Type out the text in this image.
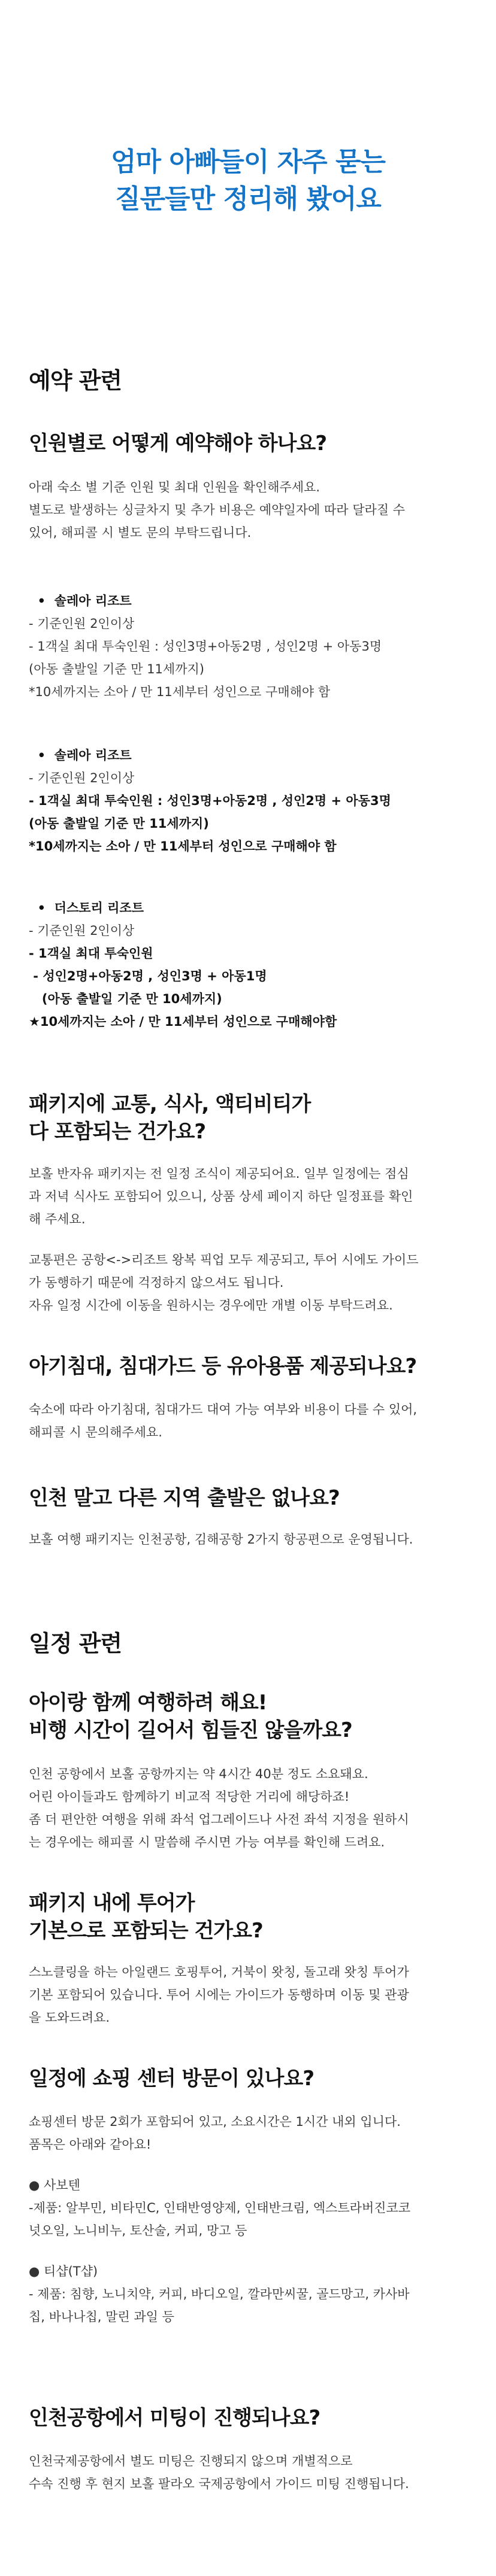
엄마 아빠들이 자주 묻는
질문들만 정리해 봤어요
예약 관련
인원별로 어떻게 예약해야 하나요?
아래 숙소 별 기준 인원 및 최대 인원을 확인해주세요.
별도로 발생하는 싱글차지 및 추가 비용은 예약일자에 따라 달라질 수
있어, 해피콜 시 별도 문의 부탁드립니다.
•  솔레아 리조트
- 기준인원 2인이상
- 1객실 최대 투숙인원 : 성인3명+아동2명 , 성인2명 + 아동3명
(아동 출발일 기준 만 11세까지)
*10세까지는 소아 / 만 11세부터 성인으로 구매해야 함
•  솔레아 리조트
- 기준인원 2인이상
- 1객실 최대 투숙인원 : 성인3명+아동2명 , 성인2명 + 아동3명
(아동 출발일 기준 만 11세까지)
*10세까지는 소아 / 만 11세부터 성인으로 구매해야 함
•  더스토리 리조트
- 기준인원 2인이상
- 1객실 최대 투숙인원
- 성인2명+아동2명 , 성인3명 + 아동1명
(아동 출발일 기준 만 10세까지)
★10세까지는 소아 / 만 11세부터 성인으로 구매해야함
패키지에 교통, 식사, 액티비티가
다 포함되는 건가요?
보홀 반자유 패키지는 전 일정 조식이 제공되어요. 일부 일정에는 점심
과 저녁 식사도 포함되어 있으니, 상품 상세 페이지 하단 일정표를 확인
해 주세요.
교통편은 공항<->리조트 왕복 픽업 모두 제공되고, 투어 시에도 가이드
가 동행하기 때문에 걱정하지 않으셔도 됩니다.
자유 일정 시간에 이동을 원하시는 경우에만 개별 이동 부탁드려요.
아기침대, 침대가드 등 유아용품 제공되나요?
숙소에 따라 아기침대, 침대가드 대여 가능 여부와 비용이 다를 수 있어,
해피콜 시 문의해주세요.
인천 말고 다른 지역 출발은 없나요?
보홀 여행 패키지는 인천공항, 김해공항 2가지 항공편으로 운영됩니다.
일정 관련
아이랑 함께 여행하려 해요!
비행 시간이 길어서 힘들진 않을까요?
인천 공항에서 보홀 공항까지는 약 4시간 40분 정도 소요돼요.
어린 아이들과도 함께하기 비교적 적당한 거리에 해당하죠!
좀 더 편안한 여행을 위해 좌석 업그레이드나 사전 좌석 지정을 원하시
는 경우에는 해피콜 시 말씀해 주시면 가능 여부를 확인해 드려요.
패키지 내에 투어가
기본으로 포함되는 건가요?
스노클링을 하는 아일랜드 호핑투어, 거북이 왓칭, 돌고래 왓칭 투어가
기본 포함되어 있습니다. 투어 시에는 가이드가 동행하며 이동 및 관광
을 도와드려요.
일정에 쇼핑 센터 방문이 있나요?
쇼핑센터 방문 2회가 포함되어 있고, 소요시간은 1시간 내외 입니다.
품목은 아래와 같아요!
● 사보텐
-제품: 알부민, 비타민C, 인태반영양제, 인태반크림, 엑스트라버진코코
넛오일, 노니비누, 토산술, 커피, 망고 등
● 티샵(T샵)
- 제품: 침향, 노니치약, 커피, 바디오일, 깔라만씨꿀, 골드망고, 카사바
칩, 바나나칩, 말린 과일 등
인천공항에서 미팅이 진행되나요?
인천국제공항에서 별도 미팅은 진행되지 않으며 개별적으로
수속 진행 후 현지 보홀 팔라오 국제공항에서 가이드 미팅 진행됩니다.
